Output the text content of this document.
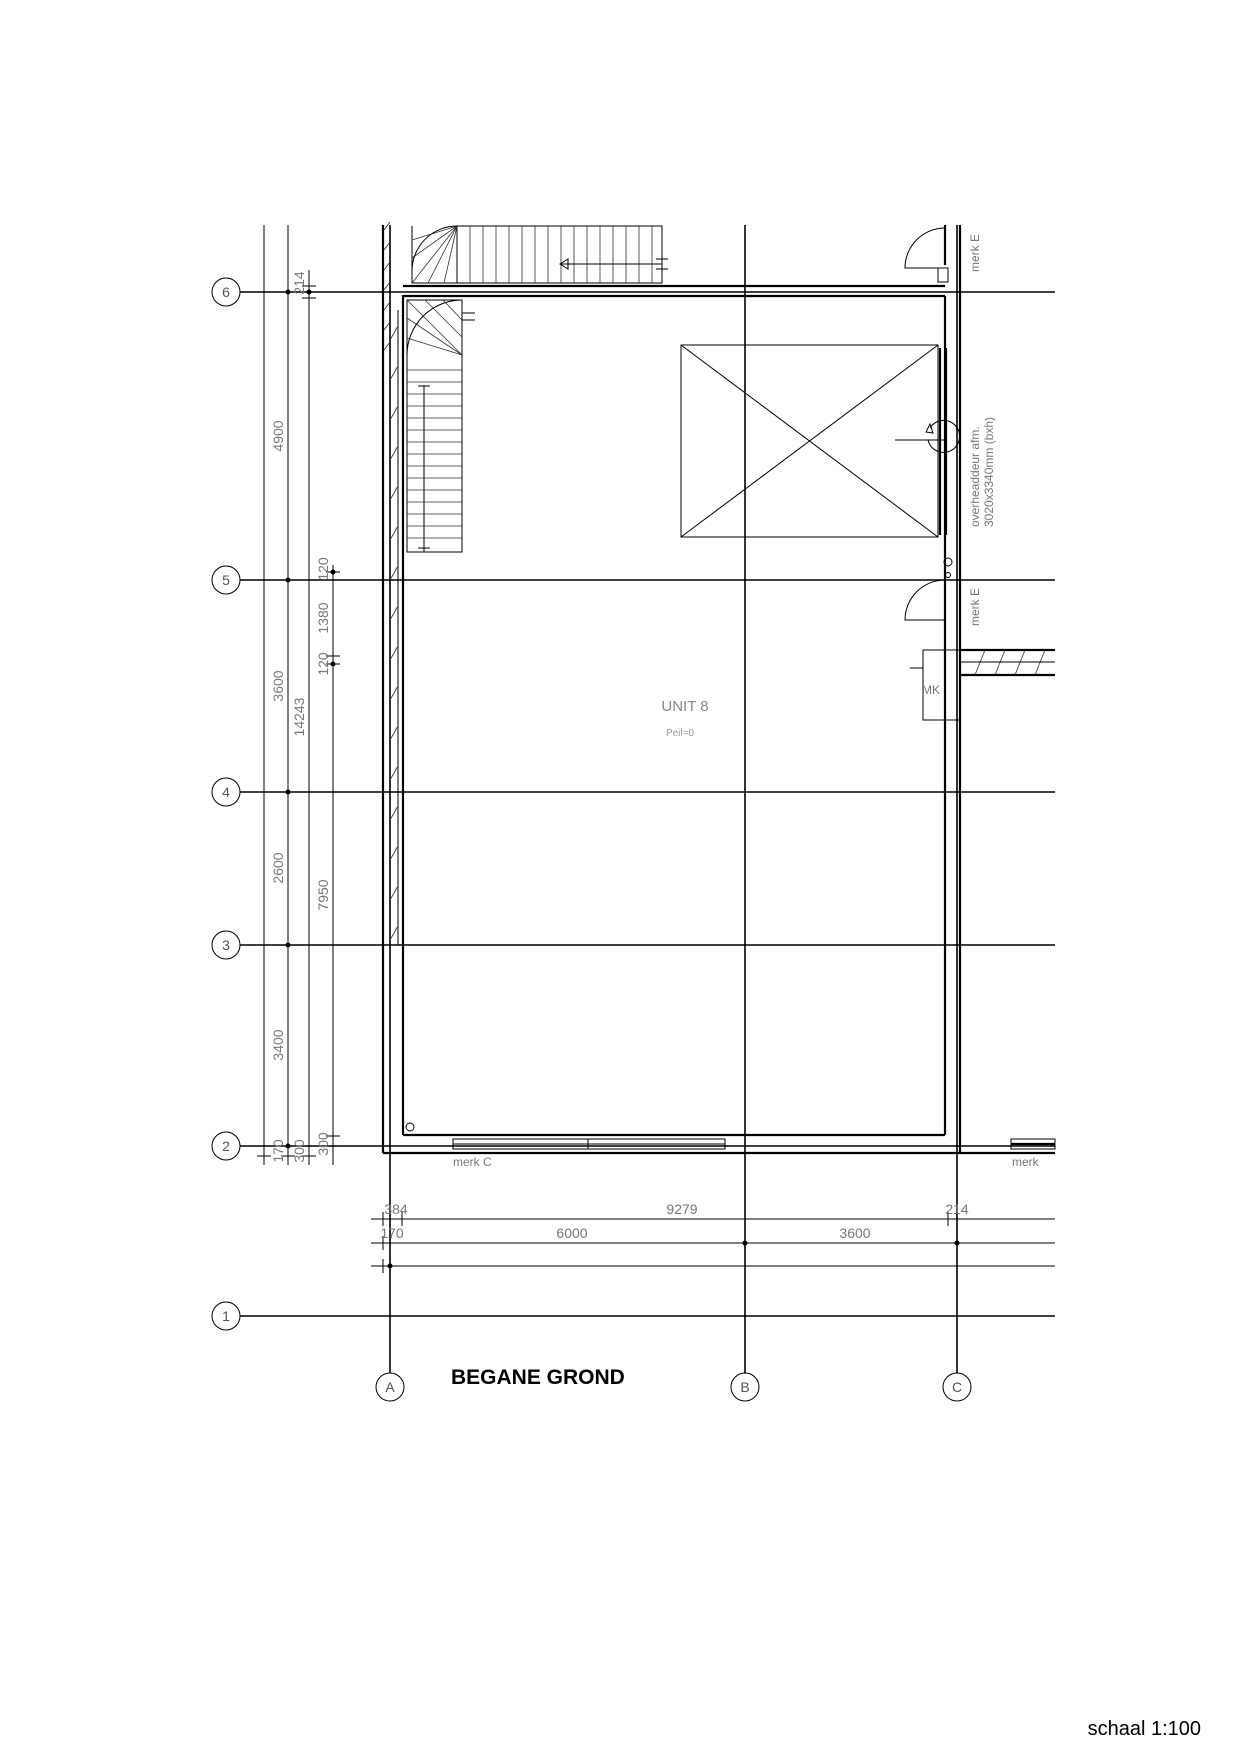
6
5
4
3
2
1
A	B	C
4900
3600
2600
3400
170
214
14243
300
120
1380
120
7950
300
384	9279	214
170	6000	3600
MK
UNIT 8
Peil=0
merk E
merk E
merk C	merk
overheaddeur afm. 3020x3340mm (bxh)
BEGANE GROND
schaal 1:100
